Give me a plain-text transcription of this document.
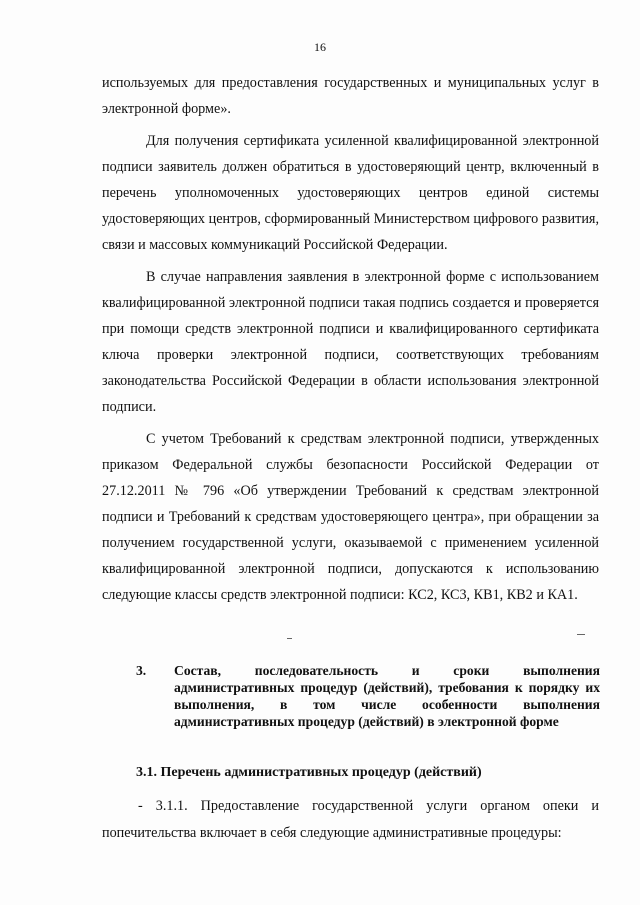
16

используемых для предоставления государственных и муниципальных услуг в электронной форме».

Для получения сертификата усиленной квалифицированной электронной подписи заявитель должен обратиться в удостоверяющий центр, включенный в перечень уполномоченных удостоверяющих центров единой системы удостоверяющих центров, сформированный Министерством цифрового развития, связи и массовых коммуникаций Российской Федерации.

В случае направления заявления в электронной форме с использованием квалифицированной электронной подписи такая подпись создается и проверяется при помощи средств электронной подписи и квалифицированного сертификата ключа проверки электронной подписи, соответствующих требованиям законодательства Российской Федерации в области использования электронной подписи.

С учетом Требований к средствам электронной подписи, утвержденных приказом Федеральной службы безопасности Российской Федерации от 27.12.2011 № 796 «Об утверждении Требований к средствам электронной подписи и Требований к средствам удостоверяющего центра», при обращении за получением государственной услуги, оказываемой с применением усиленной квалифицированной электронной подписи, допускаются к использованию следующие классы средств электронной подписи: КС2, КС3, КВ1, КВ2 и КА1.

3. Состав, последовательность и сроки выполнения административных процедур (действий), требования к порядку их выполнения, в том числе особенности выполнения административных процедур (действий) в электронной форме
3.1. Перечень административных процедур (действий)

- 3.1.1. Предоставление государственной услуги органом опеки и попечительства включает в себя следующие административные процедуры:
